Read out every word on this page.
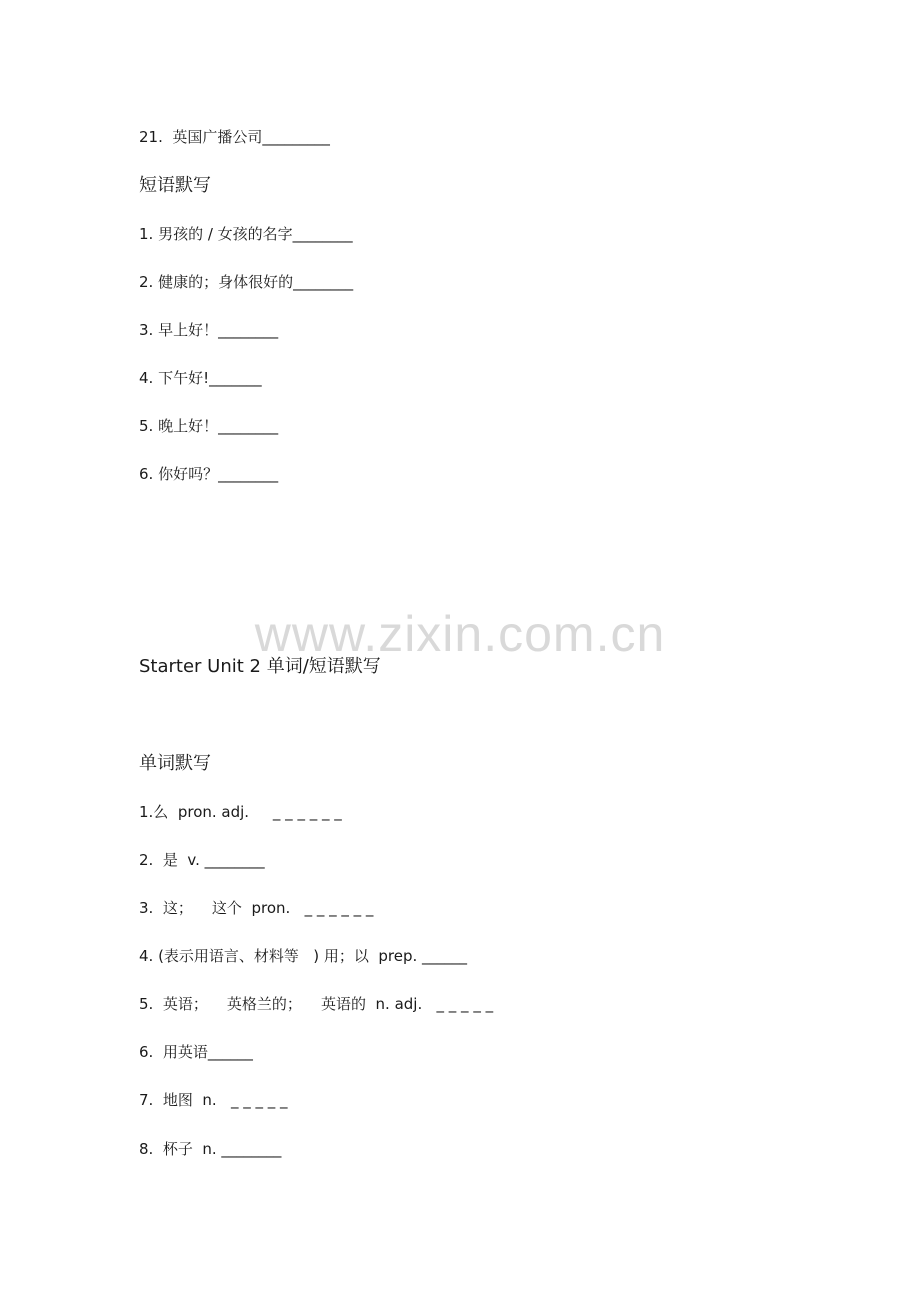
21.  英国广播公司_________
短语默写
1. 男孩的 / 女孩的名字________
2. 健康的；身体很好的________
3. 早上好！________
4. 下午好!_______
5. 晚上好！________
6. 你好吗？________
www.zixin.com.cn
Starter Unit 2 单词/短语默写
单词默写
1.么  pron. adj.     _ _ _ _ _ _
2.  是  v. ________
3.  这；    这个  pron.   _ _ _ _ _ _
4. (表示用语言、材料等   ) 用；以  prep. ______
5.  英语；    英格兰的；    英语的  n. adj.   _ _ _ _ _
6.  用英语______
7.  地图  n.   _ _ _ _ _
8.  杯子  n. ________
